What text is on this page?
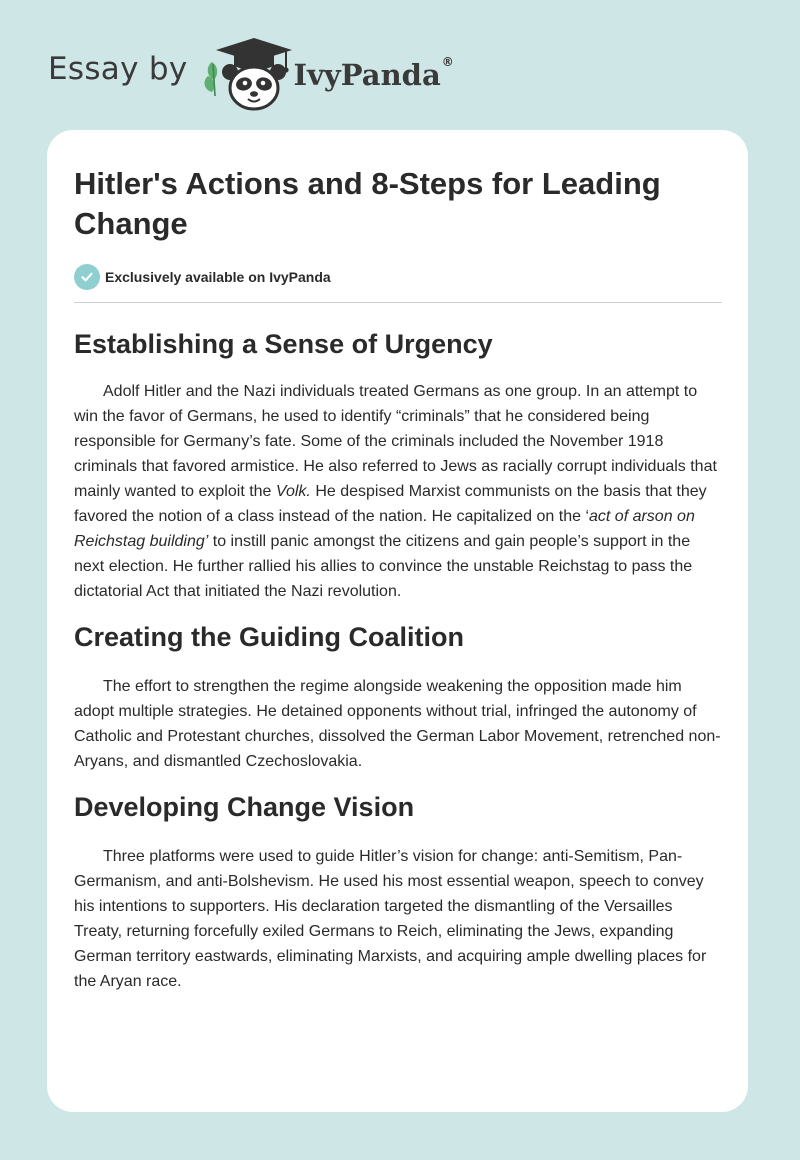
Essay by	IvyPanda ®
Hitler's Actions and 8-Steps for Leading Change
Exclusively available on IvyPanda
Establishing a Sense of Urgency

Adolf Hitler and the Nazi individuals treated Germans as one group. In an attempt to win the favor of Germans, he used to identify “criminals” that he considered being responsible for Germany’s fate. Some of the criminals included the November 1918 criminals that favored armistice. He also referred to Jews as racially corrupt individuals that mainly wanted to exploit the Volk. He despised Marxist communists on the basis that they favored the notion of a class instead of the nation. He capitalized on the ‘act of arson on Reichstag building’ to instill panic amongst the citizens and gain people’s support in the next election. He further rallied his allies to convince the unstable Reichstag to pass the dictatorial Act that initiated the Nazi revolution.

Creating the Guiding Coalition

The effort to strengthen the regime alongside weakening the opposition made him adopt multiple strategies. He detained opponents without trial, infringed the autonomy of Catholic and Protestant churches, dissolved the German Labor Movement, retrenched non-Aryans, and dismantled Czechoslovakia.

Developing Change Vision

Three platforms were used to guide Hitler’s vision for change: anti-Semitism, Pan-Germanism, and anti-Bolshevism. He used his most essential weapon, speech to convey his intentions to supporters. His declaration targeted the dismantling of the Versailles Treaty, returning forcefully exiled Germans to Reich, eliminating the Jews, expanding German territory eastwards, eliminating Marxists, and acquiring ample dwelling places for the Aryan race.
